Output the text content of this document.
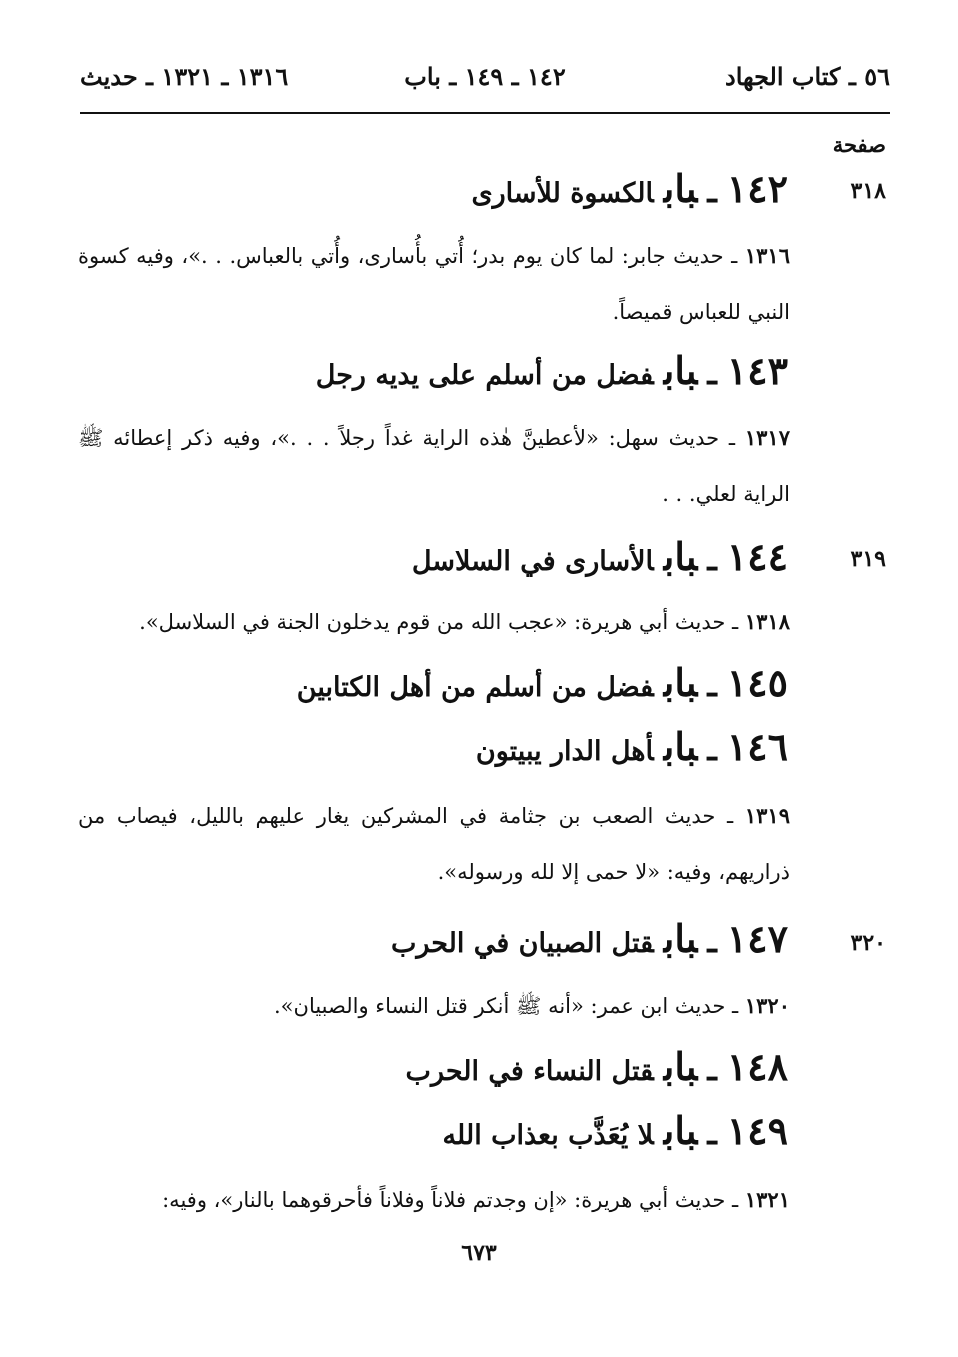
٥٦ ـ كتاب الجهاد
١٤٢ ـ ١٤٩ ـ باب
١٣١٦ ـ ١٣٢١ ـ حديث
صفحة
٣١٨
٣١٩
٣٢٠
١٤٢ـبابالكسوة للأسارى
١٣١٦ ـ حديث جابر: لما كان يوم بدر؛ أُتي بأُسارى، وأُتي بالعباس. . .»، وفيه كسوة النبي للعباس قميصاً.
١٤٣ـبابفضل من أسلم على يديه رجل
١٣١٧ ـ حديث سهل: «لأعطينَّ هٰذه الراية غداً رجلاً . . .»، وفيه ذكر إعطائه ﷺ الراية لعلي. . .
١٤٤ـبابالأسارى في السلاسل
١٣١٨ ـ حديث أبي هريرة: «عجب الله من قوم يدخلون الجنة في السلاسل».
١٤٥ـبابفضل من أسلم من أهل الكتابين
١٤٦ـبابأهل الدار يبيتون
١٣١٩ ـ حديث الصعب بن جثامة في المشركين يغار عليهم بالليل، فيصاب من ذراريهم، وفيه: «لا حمى إلا لله ورسوله».
١٤٧ـبابقتل الصبيان في الحرب
١٣٢٠ ـ حديث ابن عمر: «أنه ﷺ أنكر قتل النساء والصبيان».
١٤٨ـبابقتل النساء في الحرب
١٤٩ـبابلا يُعَذَّب بعذاب الله
١٣٢١ ـ حديث أبي هريرة: «إن وجدتم فلاناً وفلاناً فأحرقوهما بالنار»، وفيه:
٦٧٣
